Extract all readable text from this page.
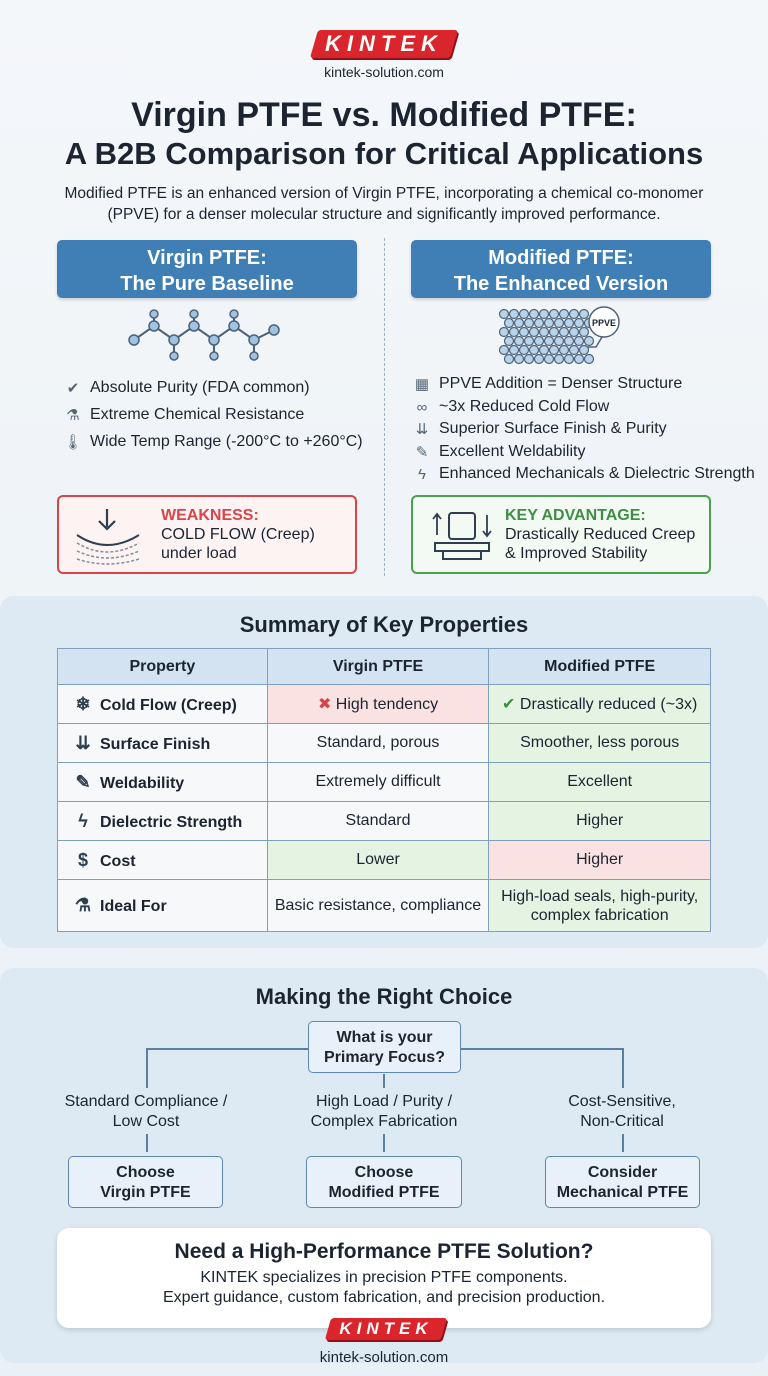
KINTEK
kintek-solution.com
Virgin PTFE vs. Modified PTFE:
A B2B Comparison for Critical Applications
Modified PTFE is an enhanced version of Virgin PTFE, incorporating a chemical co-monomer
(PPVE) for a denser molecular structure and significantly improved performance.
Virgin PTFE:
The Pure Baseline
✔ Absolute Purity (FDA common)
⚗ Extreme Chemical Resistance
🌡 Wide Temp Range (-200°C to +260°C)
WEAKNESS:
COLD FLOW (Creep)
under load
Modified PTFE:
The Enhanced Version
PPVE
▦ PPVE Addition = Denser Structure
∞ ~3x Reduced Cold Flow
⇊ Superior Surface Finish & Purity
✎ Excellent Weldability
ϟ Enhanced Mechanicals & Dielectric Strength
KEY ADVANTAGE:
Drastically Reduced Creep
& Improved Stability
Summary of Key Properties
Property	Virgin PTFE	Modified PTFE
❄ Cold Flow (Creep)	✖ High tendency	✔ Drastically reduced (~3x)
⇊ Surface Finish	Standard, porous	Smoother, less porous
✎ Weldability	Extremely difficult	Excellent
ϟ Dielectric Strength	Standard	Higher
$ Cost	Lower	Higher
⚗ Ideal For	Basic resistance, compliance	High-load seals, high-purity,
complex fabrication
Making the Right Choice
What is your
Primary Focus?
Standard Compliance /
Low Cost
High Load / Purity /
Complex Fabrication
Cost-Sensitive,
Non-Critical
Choose
Virgin PTFE
Choose
Modified PTFE
Consider
Mechanical PTFE
Need a High-Performance PTFE Solution?
KINTEK specializes in precision PTFE components.
Expert guidance, custom fabrication, and precision production.
KINTEK
kintek-solution.com
